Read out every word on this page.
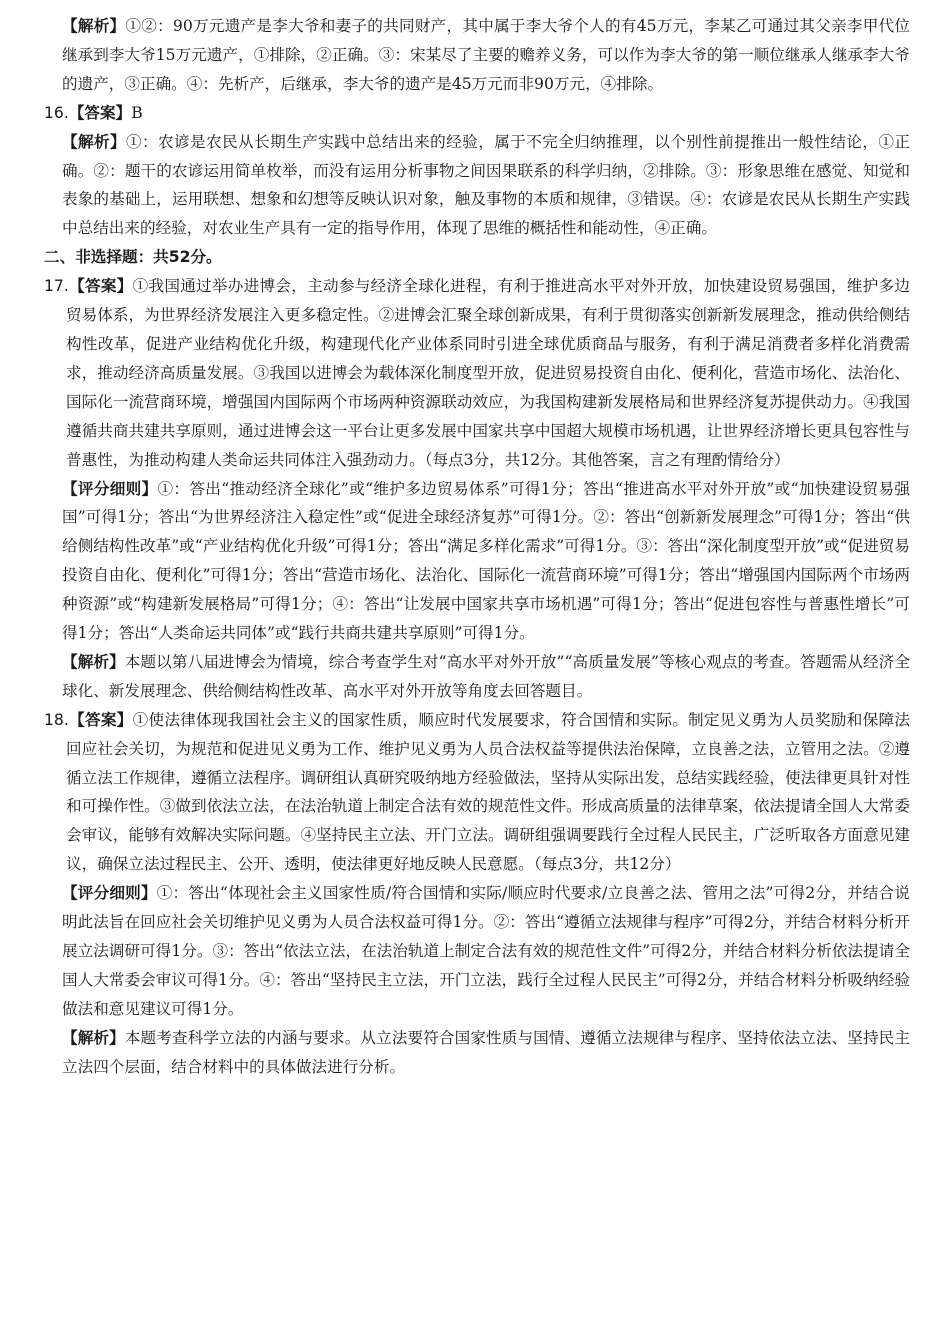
【解析】①②：90万元遗产是李大爷和妻子的共同财产，其中属于李大爷个人的有45万元，李某乙可通过其父亲李甲代位继承到李大爷15万元遗产，①排除，②正确。③：宋某尽了主要的赡养义务，可以作为李大爷的第一顺位继承人继承李大爷的遗产，③正确。④：先析产，后继承，李大爷的遗产是45万元而非90万元，④排除。

16.【答案】B

【解析】①：农谚是农民从长期生产实践中总结出来的经验，属于不完全归纳推理，以个别性前提推出一般性结论，①正确。②：题干的农谚运用简单枚举，而没有运用分析事物之间因果联系的科学归纳，②排除。③：形象思维在感觉、知觉和表象的基础上，运用联想、想象和幻想等反映认识对象，触及事物的本质和规律，③错误。④：农谚是农民从长期生产实践中总结出来的经验，对农业生产具有一定的指导作用，体现了思维的概括性和能动性，④正确。

二、非选择题：共52分。

17.【答案】①我国通过举办进博会，主动参与经济全球化进程，有利于推进高水平对外开放，加快建设贸易强国，维护多边贸易体系，为世界经济发展注入更多稳定性。②进博会汇聚全球创新成果，有利于贯彻落实创新新发展理念，推动供给侧结构性改革，促进产业结构优化升级，构建现代化产业体系同时引进全球优质商品与服务，有利于满足消费者多样化消费需求，推动经济高质量发展。③我国以进博会为载体深化制度型开放，促进贸易投资自由化、便利化，营造市场化、法治化、国际化一流营商环境，增强国内国际两个市场两种资源联动效应，为我国构建新发展格局和世界经济复苏提供动力。④我国遵循共商共建共享原则，通过进博会这一平台让更多发展中国家共享中国超大规模市场机遇，让世界经济增长更具包容性与普惠性，为推动构建人类命运共同体注入强劲动力。（每点3分，共12分。其他答案，言之有理酌情给分）

【评分细则】①：答出“推动经济全球化”或“维护多边贸易体系”可得1分；答出“推进高水平对外开放”或“加快建设贸易强国”可得1分；答出“为世界经济注入稳定性”或“促进全球经济复苏”可得1分。②：答出“创新新发展理念”可得1分；答出“供给侧结构性改革”或“产业结构优化升级”可得1分；答出“满足多样化需求”可得1分。③：答出“深化制度型开放”或“促进贸易投资自由化、便利化”可得1分；答出“营造市场化、法治化、国际化一流营商环境”可得1分；答出“增强国内国际两个市场两种资源”或“构建新发展格局”可得1分；④：答出“让发展中国家共享市场机遇”可得1分；答出“促进包容性与普惠性增长”可得1分；答出“人类命运共同体”或“践行共商共建共享原则”可得1分。

【解析】本题以第八届进博会为情境，综合考查学生对“高水平对外开放”“高质量发展”等核心观点的考查。答题需从经济全球化、新发展理念、供给侧结构性改革、高水平对外开放等角度去回答题目。

18.【答案】①使法律体现我国社会主义的国家性质，顺应时代发展要求，符合国情和实际。制定见义勇为人员奖励和保障法回应社会关切，为规范和促进见义勇为工作、维护见义勇为人员合法权益等提供法治保障，立良善之法，立管用之法。②遵循立法工作规律，遵循立法程序。调研组认真研究吸纳地方经验做法，坚持从实际出发，总结实践经验，使法律更具针对性和可操作性。③做到依法立法，在法治轨道上制定合法有效的规范性文件。形成高质量的法律草案，依法提请全国人大常委会审议，能够有效解决实际问题。④坚持民主立法、开门立法。调研组强调要践行全过程人民民主，广泛听取各方面意见建议，确保立法过程民主、公开、透明，使法律更好地反映人民意愿。（每点3分，共12分）

【评分细则】①：答出“体现社会主义国家性质/符合国情和实际/顺应时代要求/立良善之法、管用之法”可得2分，并结合说明此法旨在回应社会关切维护见义勇为人员合法权益可得1分。②：答出“遵循立法规律与程序”可得2分，并结合材料分析开展立法调研可得1分。③：答出“依法立法，在法治轨道上制定合法有效的规范性文件”可得2分，并结合材料分析依法提请全国人大常委会审议可得1分。④：答出“坚持民主立法，开门立法，践行全过程人民民主”可得2分，并结合材料分析吸纳经验做法和意见建议可得1分。

【解析】本题考查科学立法的内涵与要求。从立法要符合国家性质与国情、遵循立法规律与程序、坚持依法立法、坚持民主立法四个层面，结合材料中的具体做法进行分析。
